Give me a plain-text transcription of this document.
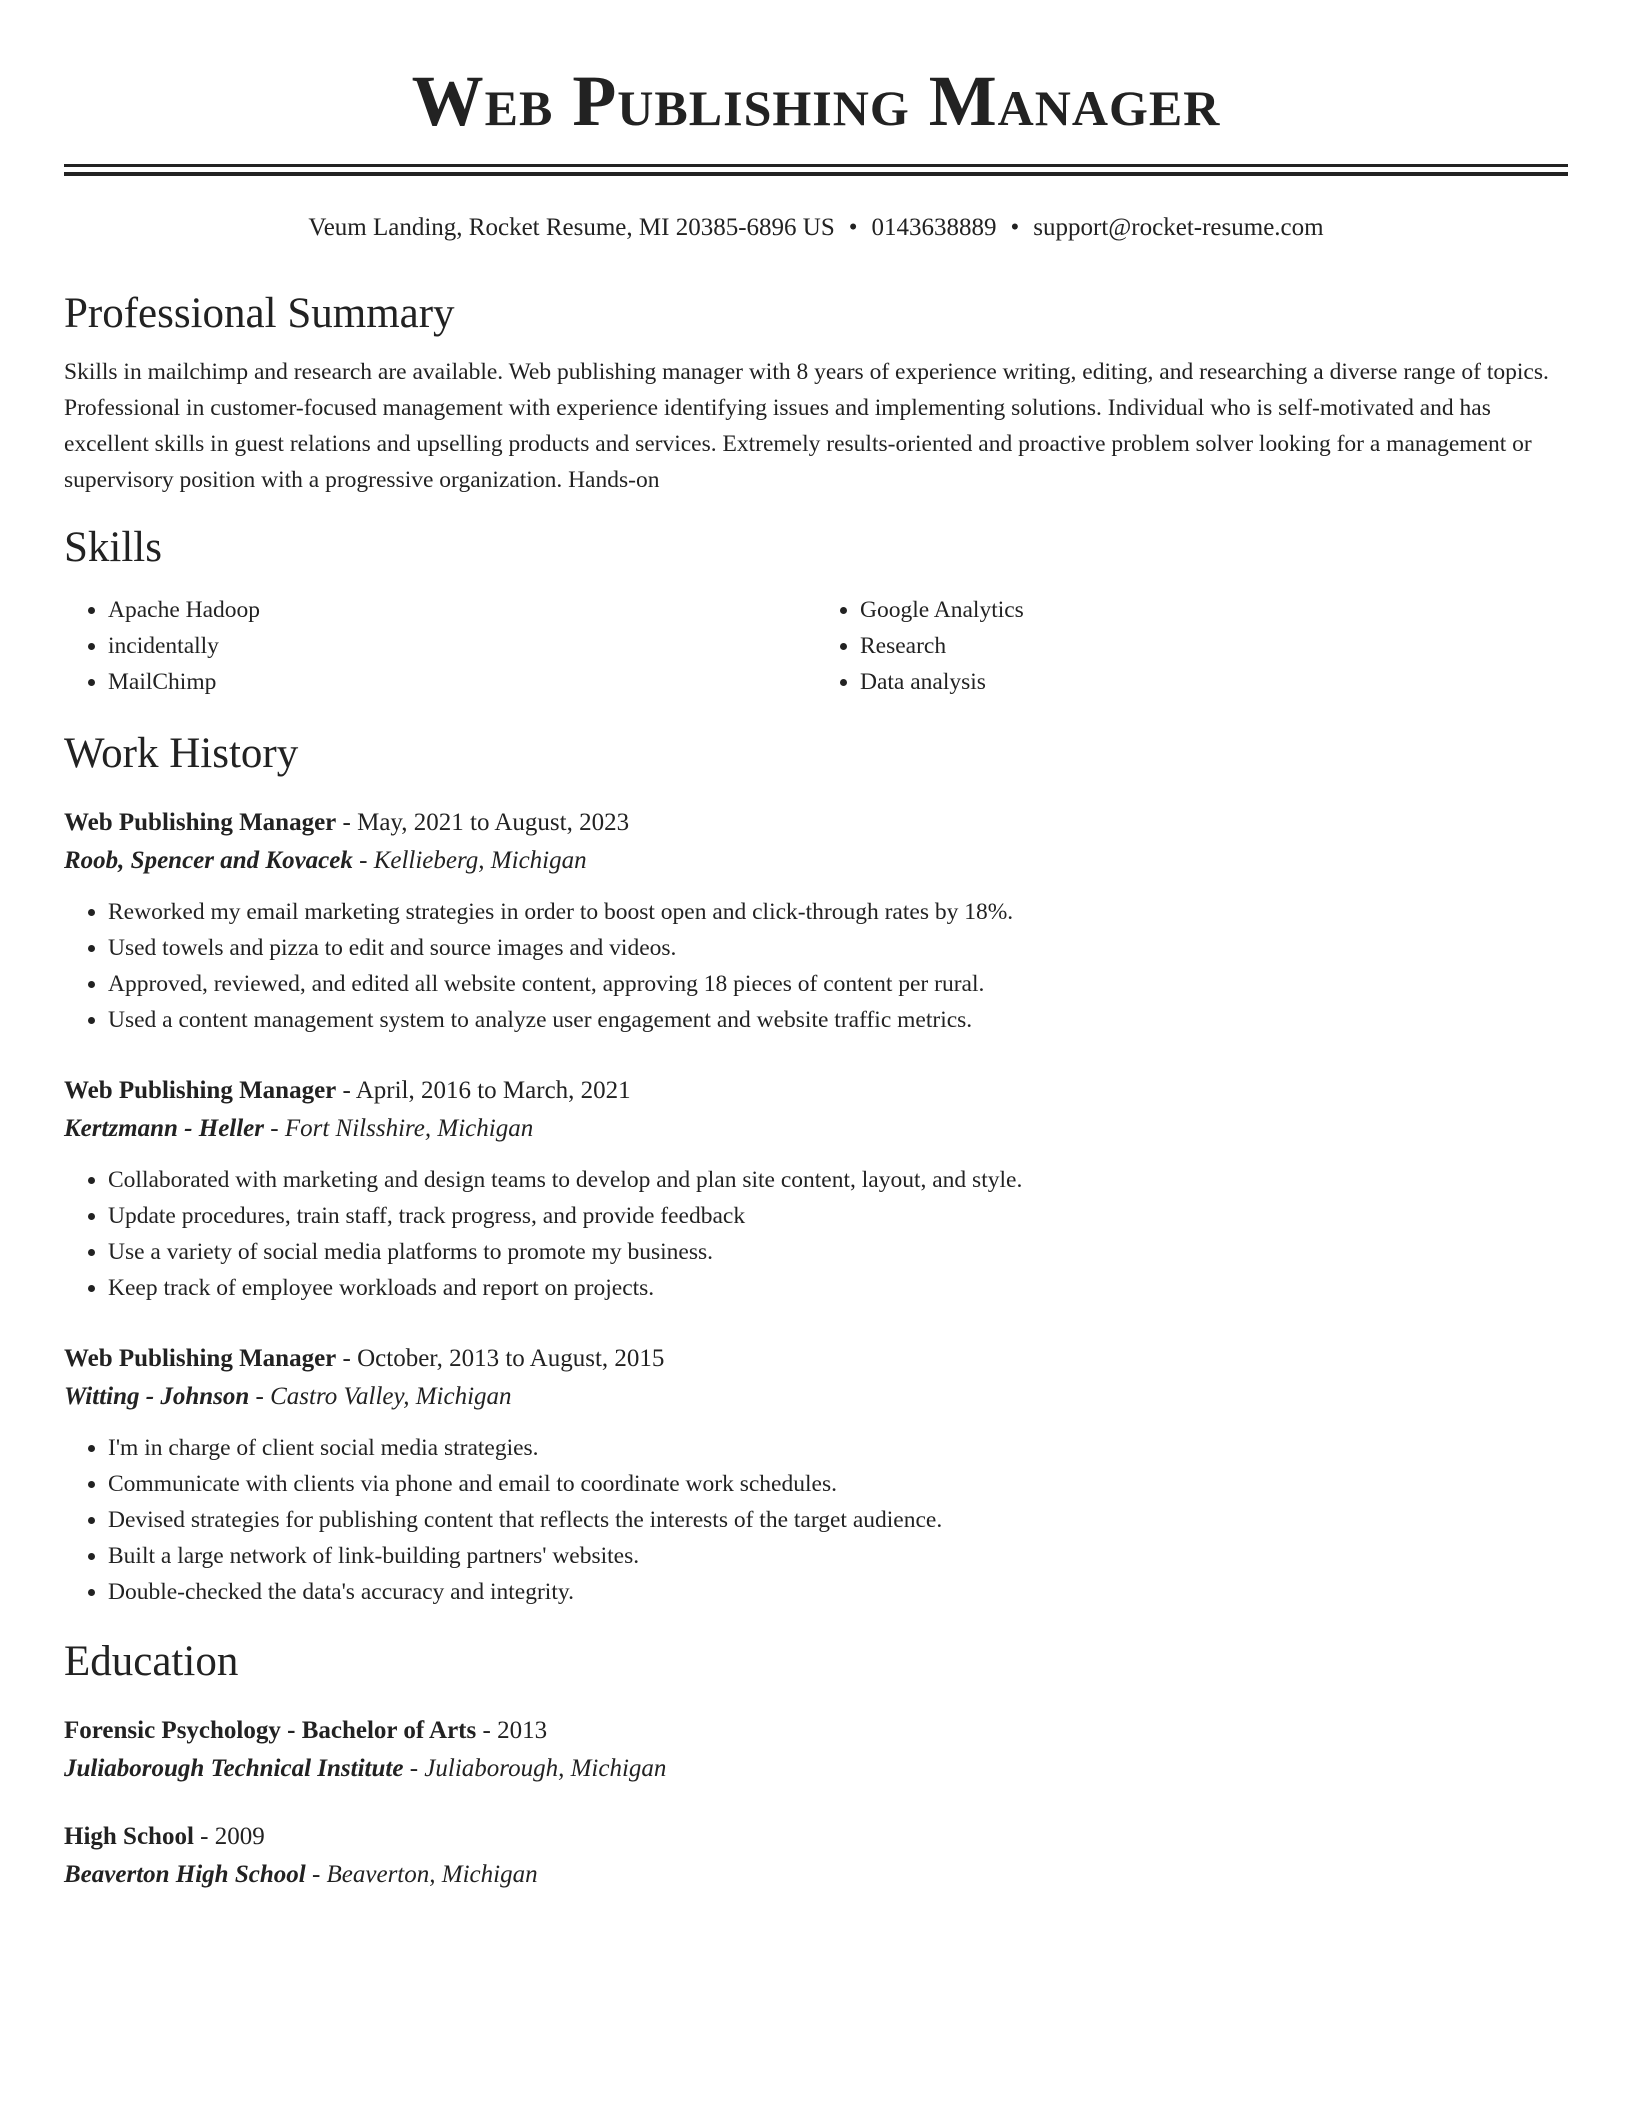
Web Publishing Manager
Veum Landing, Rocket Resume, MI 20385-6896 US • 0143638889 • support@rocket-resume.com
Professional Summary

Skills in mailchimp and research are available. Web publishing manager with 8 years of experience writing, editing, and researching a diverse range of topics. Professional in customer-focused management with experience identifying issues and implementing solutions. Individual who is self-motivated and has excellent skills in guest relations and upselling products and services. Extremely results-oriented and proactive problem solver looking for a management or supervisory position with a progressive organization. Hands-on

Skills
• Apache Hadoop
• incidentally
• MailChimp
• Google Analytics
• Research
• Data analysis
Work History
Web Publishing Manager - May, 2021 to August, 2023
Roob, Spencer and Kovacek - Kellieberg, Michigan
• Reworked my email marketing strategies in order to boost open and click-through rates by 18%.
• Used towels and pizza to edit and source images and videos.
• Approved, reviewed, and edited all website content, approving 18 pieces of content per rural.
• Used a content management system to analyze user engagement and website traffic metrics.
Web Publishing Manager - April, 2016 to March, 2021
Kertzmann - Heller - Fort Nilsshire, Michigan
• Collaborated with marketing and design teams to develop and plan site content, layout, and style.
• Update procedures, train staff, track progress, and provide feedback
• Use a variety of social media platforms to promote my business.
• Keep track of employee workloads and report on projects.
Web Publishing Manager - October, 2013 to August, 2015
Witting - Johnson - Castro Valley, Michigan
• I'm in charge of client social media strategies.
• Communicate with clients via phone and email to coordinate work schedules.
• Devised strategies for publishing content that reflects the interests of the target audience.
• Built a large network of link-building partners' websites.
• Double-checked the data's accuracy and integrity.
Education
Forensic Psychology - Bachelor of Arts - 2013
Juliaborough Technical Institute - Juliaborough, Michigan
High School - 2009
Beaverton High School - Beaverton, Michigan
